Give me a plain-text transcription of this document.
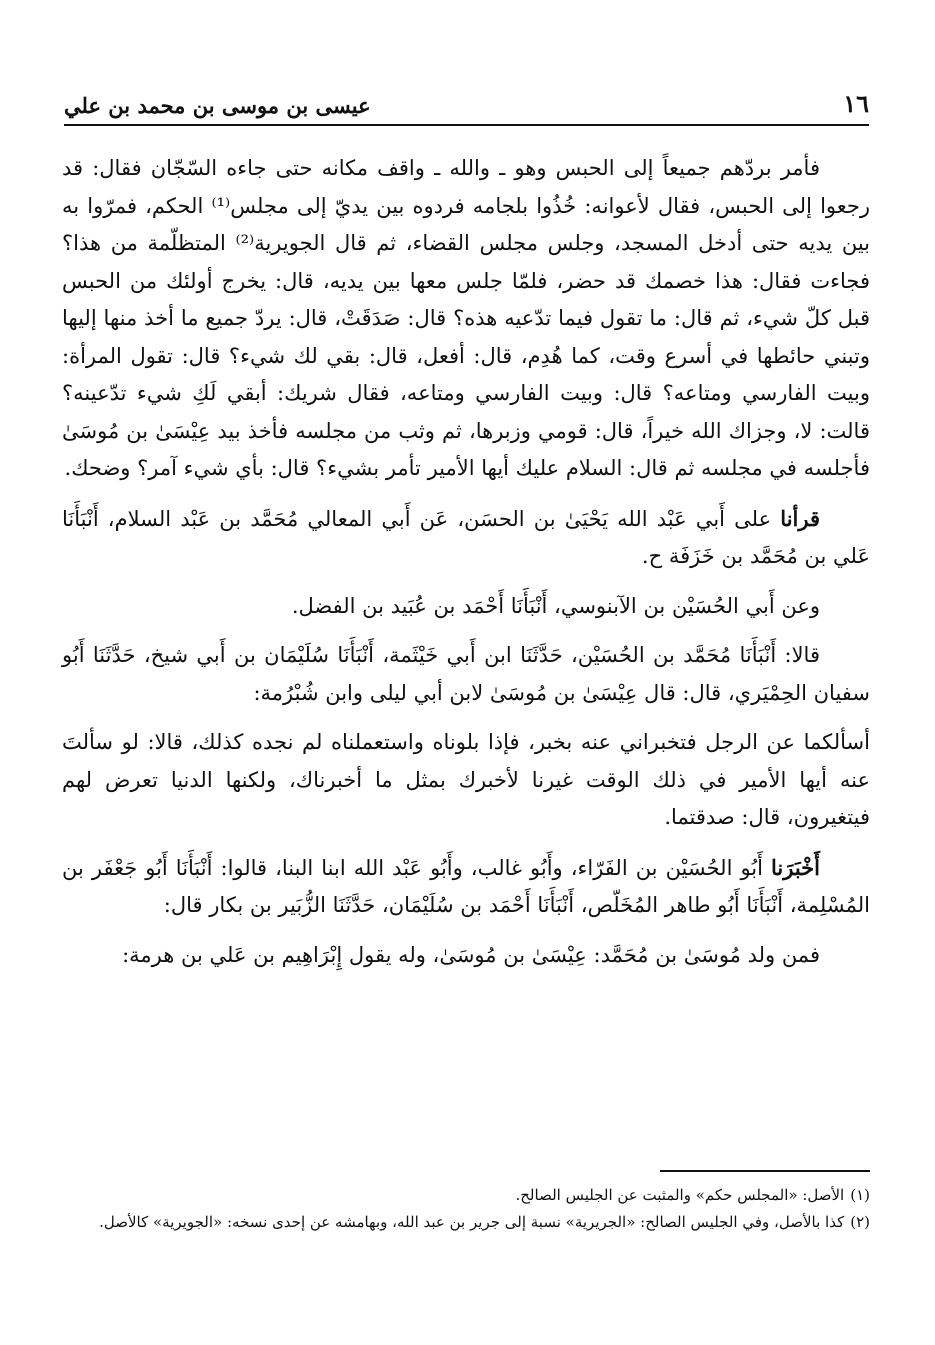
١٦
عيسى بن موسى بن محمد بن علي

فأمر بردّهم جميعاً إلى الحبس وهو ـ والله ـ واقف مكانه حتى جاءه السّجّان فقال: قد رجعوا إلى الحبس، فقال لأعوانه: خُذُوا بلجامه فردوه بين يديّ إلى مجلس⁽¹⁾ الحكم، فمرّوا به بين يديه حتى أدخل المسجد، وجلس مجلس القضاء، ثم قال الجويرية⁽²⁾ المتظلّمة من هذا؟ فجاءت فقال: هذا خصمك قد حضر، فلمّا جلس معها بين يديه، قال: يخرج أولئك من الحبس قبل كلّ شيء، ثم قال: ما تقول فيما تدّعيه هذه؟ قال: صَدَقَتْ، قال: يردّ جميع ما أخذ منها إليها وتبني حائطها في أسرع وقت، كما هُدِم، قال: أفعل، قال: بقي لك شيء؟ قال: تقول المرأة: وبيت الفارسي ومتاعه؟ قال: وبيت الفارسي ومتاعه، فقال شريك: أبقي لَكِ شيء تدّعينه؟ قالت: لا، وجزاك الله خيراً، قال: قومي وزبرها، ثم وثب من مجلسه فأخذ بيد عِيْسَىٰ بن مُوسَىٰ فأجلسه في مجلسه ثم قال: السلام عليك أيها الأمير تأمر بشيء؟ قال: بأي شيء آمر؟ وضحك.

قرأنا على أَبي عَبْد الله يَحْيَىٰ بن الحسَن، عَن أَبي المعالي مُحَمَّد بن عَبْد السلام، أَنْبَأَنَا عَلي بن مُحَمَّد بن خَزَفَة ح.

وعن أَبي الحُسَيْن بن الآبنوسي، أَنْبَأَنَا أَحْمَد بن عُبَيد بن الفضل.

قالا: أَنْبَأَنَا مُحَمَّد بن الحُسَيْن، حَدَّثَنَا ابن أَبي خَيْثَمة، أَنْبَأَنَا سُلَيْمَان بن أَبي شيخ، حَدَّثَنَا أَبُو سفيان الحِمْيَري، قال: قال عِيْسَىٰ بن مُوسَىٰ لابن أبي ليلى وابن شُبْرُمة:

أسألكما عن الرجل فتخبراني عنه بخبر، فإذا بلوناه واستعملناه لم نجده كذلك، قالا: لو سألتَ عنه أيها الأمير في ذلك الوقت غيرنا لأخبرك بمثل ما أخبرناك، ولكنها الدنيا تعرض لهم فيتغيرون، قال: صدقتما.

أَخْبَرَنا أَبُو الحُسَيْن بن الفَرّاء، وأَبُو غالب، وأَبُو عَبْد الله ابنا البنا، قالوا: أَنْبَأَنَا أَبُو جَعْفَر بن المُسْلِمة، أَنْبَأَنَا أَبُو طاهر المُخَلّص، أَنْبَأَنَا أَحْمَد بن سُلَيْمَان، حَدَّثَنَا الزُّبَير بن بكار قال:

فمن ولد مُوسَىٰ بن مُحَمَّد: عِيْسَىٰ بن مُوسَىٰ، وله يقول إِبْرَاهِيم بن عَلي بن هرمة:

(١)
الأصل: «المجلس حكم» والمثبت عن الجليس الصالح.
(٢)
كذا بالأصل، وفي الجليس الصالح: «الجريرية» نسبة إلى جرير بن عبد الله، وبهامشه عن إحدى نسخه: «الجويرية» كالأصل.
